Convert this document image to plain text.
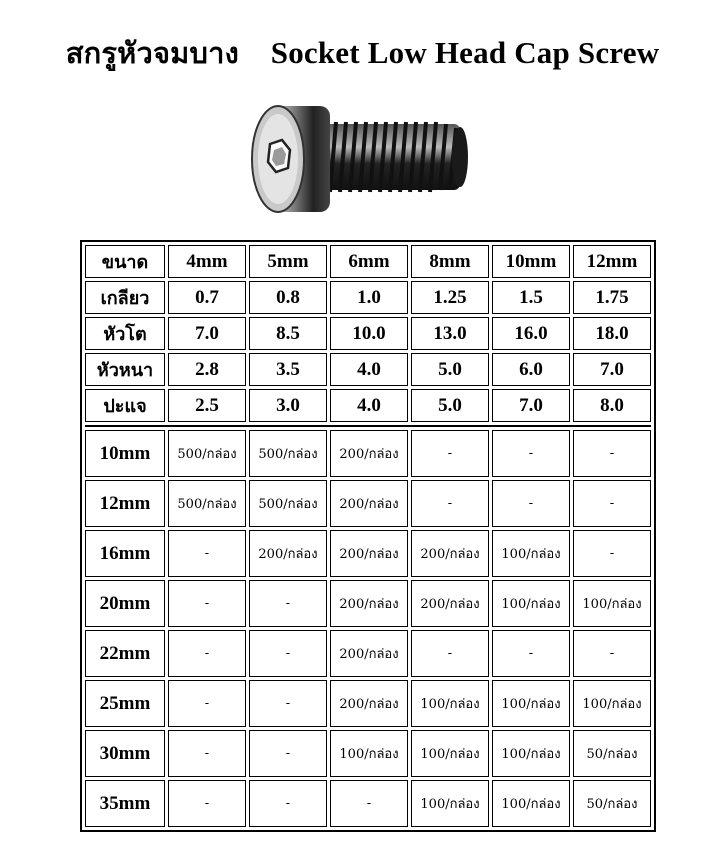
สกรูหัวจมบาง Socket Low Head Cap Screw
ขนาด	4mm	5mm	6mm	8mm	10mm	12mm
เกลียว	0.7	0.8	1.0	1.25	1.5	1.75
หัวโต	7.0	8.5	10.0	13.0	16.0	18.0
หัวหนา	2.8	3.5	4.0	5.0	6.0	7.0
ปะแจ	2.5	3.0	4.0	5.0	7.0	8.0

10mm	500/กล่อง	500/กล่อง	200/กล่อง	-	-	-
12mm	500/กล่อง	500/กล่อง	200/กล่อง	-	-	-
16mm	-	200/กล่อง	200/กล่อง	200/กล่อง	100/กล่อง	-
20mm	-	-	200/กล่อง	200/กล่อง	100/กล่อง	100/กล่อง
22mm	-	-	200/กล่อง	-	-	-
25mm	-	-	200/กล่อง	100/กล่อง	100/กล่อง	100/กล่อง
30mm	-	-	100/กล่อง	100/กล่อง	100/กล่อง	50/กล่อง
35mm	-	-	-	100/กล่อง	100/กล่อง	50/กล่อง
